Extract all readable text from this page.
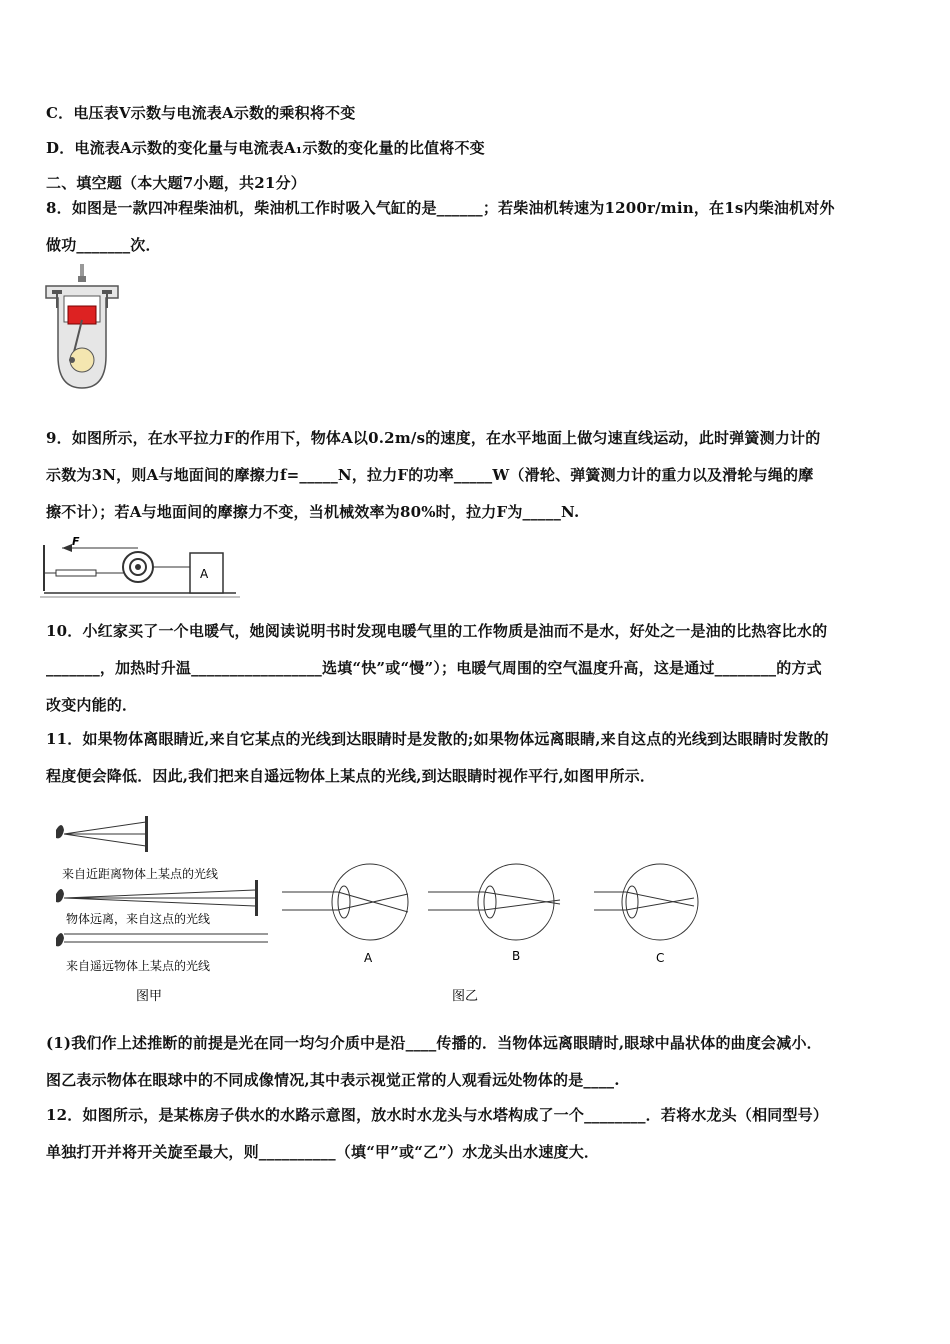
C．电压表V示数与电流表A示数的乘积将不变
D．电流表A示数的变化量与电流表A₁示数的变化量的比值将不变
二、填空题（本大题7小题，共21分）
8．如图是一款四冲程柴油机，柴油机工作时吸入气缸的是______；若柴油机转速为1200r/min，在1s内柴油机对外
做功_______次．
9．如图所示，在水平拉力F的作用下，物体A以0.2m/s的速度，在水平地面上做匀速直线运动，此时弹簧测力计的
示数为3N，则A与地面间的摩擦力f=_____N，拉力F的功率_____W（滑轮、弹簧测力计的重力以及滑轮与绳的摩
擦不计）；若A与地面间的摩擦力不变，当机械效率为80%时，拉力F为_____N.
F
A
10．小红家买了一个电暖气，她阅读说明书时发现电暖气里的工作物质是油而不是水，好处之一是油的比热容比水的
_______，加热时升温_________________选填“快”或“慢”）；电暖气周围的空气温度升高，这是通过________的方式
改变内能的．
11．如果物体离眼睛近,来自它某点的光线到达眼睛时是发散的;如果物体远离眼睛,来自这点的光线到达眼睛时发散的
程度便会降低．因此,我们把来自遥远物体上某点的光线,到达眼睛时视作平行,如图甲所示．
来自近距离物体上某点的光线
物体远离，来自这点的光线
来自遥远物体上某点的光线
图甲
A	B	C
图乙
(1)我们作上述推断的前提是光在同一均匀介质中是沿____传播的．当物体远离眼睛时,眼球中晶状体的曲度会减小．
图乙表示物体在眼球中的不同成像情况,其中表示视觉正常的人观看远处物体的是____.
12．如图所示，是某栋房子供水的水路示意图，放水时水龙头与水塔构成了一个________．若将水龙头（相同型号）
单独打开并将开关旋至最大，则__________（填“甲”或“乙”）水龙头出水速度大．
